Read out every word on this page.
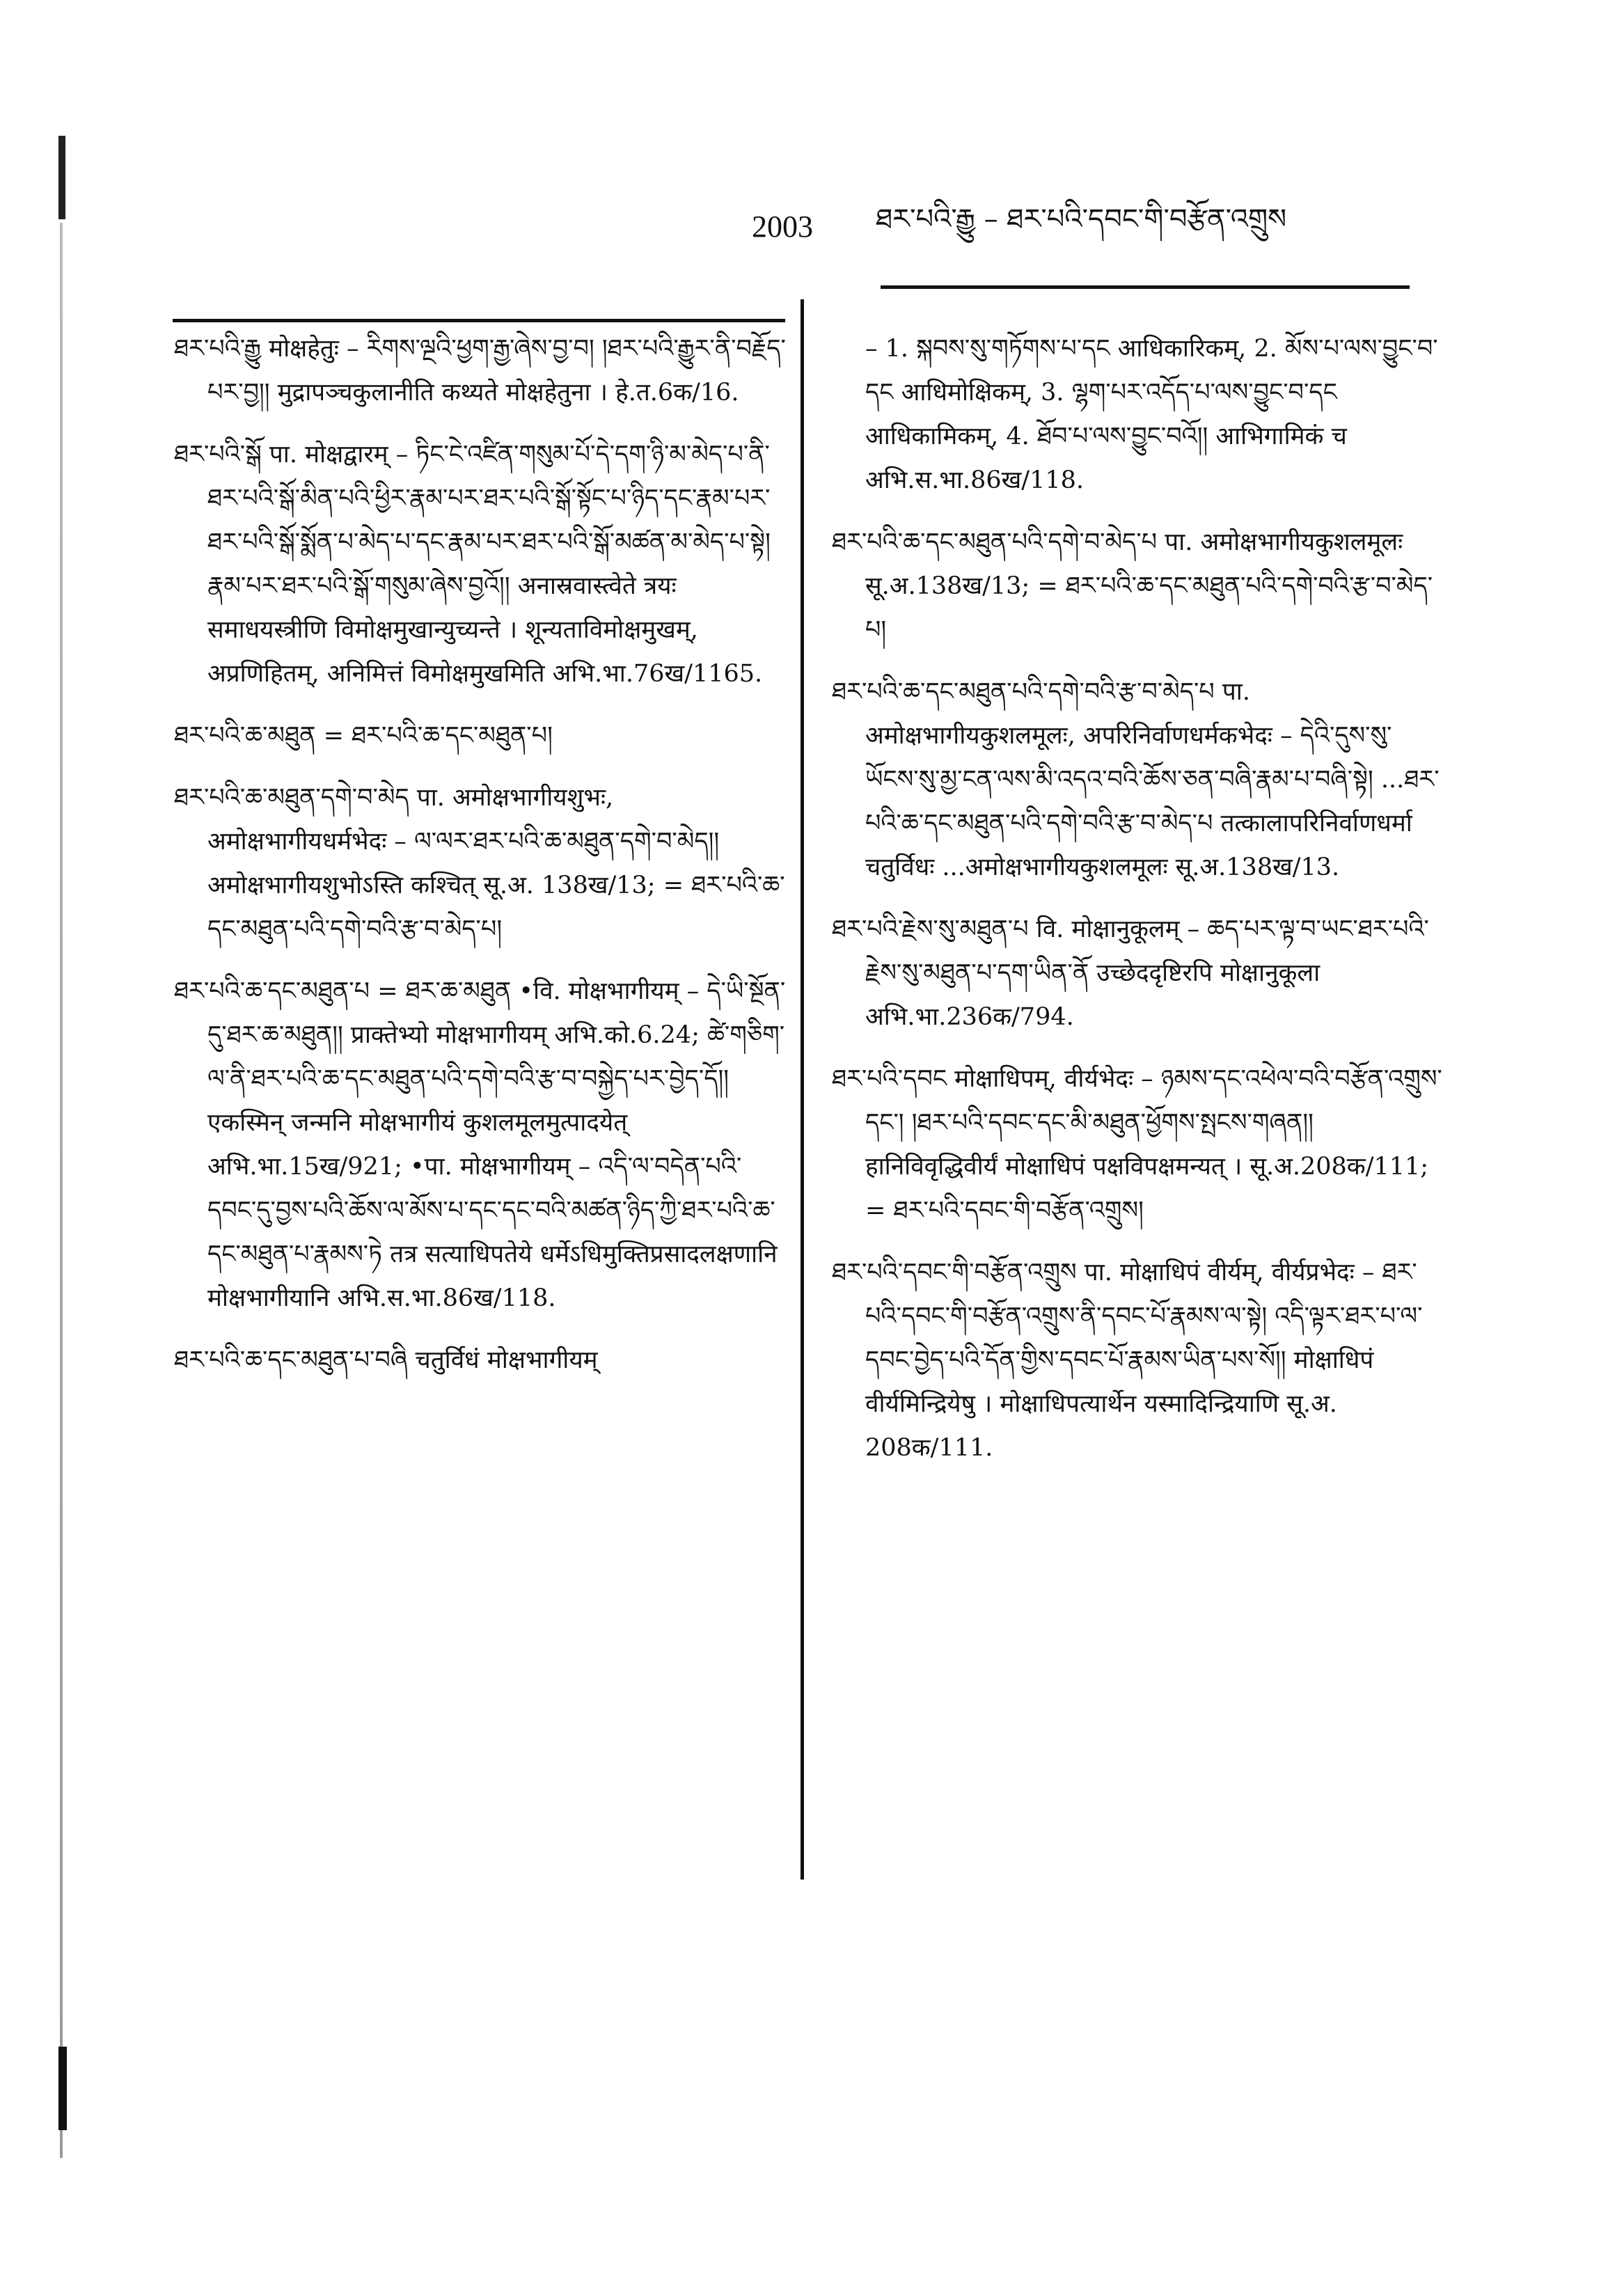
2003 ཐར་པའི་རྒྱུ – ཐར་པའི་དབང་གི་བརྩོན་འགྲུས

ཐར་པའི་རྒྱུ मोक्षहेतुः – རིགས་ལྔའི་ཕྱག་རྒྱ་ཞེས་བྱ་བ། །ཐར་པའི་རྒྱུར་ནི་བརྗོད་པར་བྱ།། मुद्रापञ्चकुलानीति कथ्यते मोक्षहेतुना । हे.त.6क/16.

ཐར་པའི་སྒོ पा. मोक्षद्वारम् – ཏིང་ངེ་འཛིན་གསུམ་པོ་དེ་དག་ཉི་མ་མེད་པ་ནི་ཐར་པའི་སྒོ་མིན་པའི་ཕྱིར་རྣམ་པར་ཐར་པའི་སྒོ་སྟོང་པ་ཉིད་དང་རྣམ་པར་ཐར་པའི་སྒོ་སྨོན་པ་མེད་པ་དང་རྣམ་པར་ཐར་པའི་སྒོ་མཚན་མ་མེད་པ་སྟེ། རྣམ་པར་ཐར་པའི་སྒོ་གསུམ་ཞེས་བྱའོ།། अनास्रवास्त्वेते त्रयः समाधयस्त्रीणि विमोक्षमुखान्युच्यन्ते । शून्यताविमोक्षमुखम्, अप्रणिहितम्, अनिमित्तं विमोक्षमुखमिति अभि.भा.76ख/1165.

ཐར་པའི་ཆ་མཐུན = ཐར་པའི་ཆ་དང་མཐུན་པ།

ཐར་པའི་ཆ་མཐུན་དགེ་བ་མེད पा. अमोक्षभागीयशुभः, अमोक्षभागीयधर्मभेदः – ལ་ལར་ཐར་པའི་ཆ་མཐུན་དགེ་བ་མེད།། अमोक्षभागीयशुभोऽस्ति कश्चित् सू.अ. 138ख/13; = ཐར་པའི་ཆ་དང་མཐུན་པའི་དགེ་བའི་རྩ་བ་མེད་པ།

ཐར་པའི་ཆ་དང་མཐུན་པ = ཐར་ཆ་མཐུན •वि. मोक्षभागीयम् – དེ་ཡི་སྔོན་དུ་ཐར་ཆ་མཐུན།། प्राक्तेभ्यो मोक्षभागीयम् अभि.को.6.24; ཚེ་གཅིག་ལ་ནི་ཐར་པའི་ཆ་དང་མཐུན་པའི་དགེ་བའི་རྩ་བ་བསྐྱེད་པར་བྱེད་དོ།། एकस्मिन् जन्मनि मोक्षभागीयं कुशलमूलमुत्पादयेत् अभि.भा.15ख/921; •पा. मोक्षभागीयम् – འདི་ལ་བདེན་པའི་དབང་དུ་བྱས་པའི་ཆོས་ལ་མོས་པ་དང་དང་བའི་མཚན་ཉིད་ཀྱི་ཐར་པའི་ཆ་དང་མཐུན་པ་རྣམས་ཏེ तत्र सत्याधिपतेये धर्मेऽधिमुक्तिप्रसादलक्षणानि मोक्षभागीयानि अभि.स.भा.86ख/118.

ཐར་པའི་ཆ་དང་མཐུན་པ་བཞི चतुर्विधं मोक्षभागीयम्

– 1. སྐབས་སུ་གཏོགས་པ་དང आधिकारिकम्, 2. མོས་པ་ལས་བྱུང་བ་དང आधिमोक्षिकम्, 3. ལྷག་པར་འདོད་པ་ལས་བྱུང་བ་དང आधिकामिकम्, 4. ཐོབ་པ་ལས་བྱུང་བའོ།། आभिगामिकं च अभि.स.भा.86ख/118.

ཐར་པའི་ཆ་དང་མཐུན་པའི་དགེ་བ་མེད་པ पा. अमोक्षभागीयकुशलमूलः सू.अ.138ख/13; = ཐར་པའི་ཆ་དང་མཐུན་པའི་དགེ་བའི་རྩ་བ་མེད་པ།

ཐར་པའི་ཆ་དང་མཐུན་པའི་དགེ་བའི་རྩ་བ་མེད་པ पा. अमोक्षभागीयकुशलमूलः, अपरिनिर्वाणधर्मकभेदः – དེའི་དུས་སུ་ཡོངས་སུ་མྱ་ངན་ལས་མི་འདའ་བའི་ཆོས་ཅན་བཞི་རྣམ་པ་བཞི་སྟེ། ...ཐར་པའི་ཆ་དང་མཐུན་པའི་དགེ་བའི་རྩ་བ་མེད་པ तत्कालापरिनिर्वाणधर्मा चतुर्विधः ...अमोक्षभागीयकुशलमूलः सू.अ.138ख/13.

ཐར་པའི་རྗེས་སུ་མཐུན་པ वि. मोक्षानुकूलम् – ཆད་པར་ལྟ་བ་ཡང་ཐར་པའི་རྗེས་སུ་མཐུན་པ་དག་ཡིན་ནོ उच्छेददृष्टिरपि मोक्षानुकूला अभि.भा.236क/794.

ཐར་པའི་དབང मोक्षाधिपम्, वीर्यभेदः – ཉམས་དང་འཕེལ་བའི་བརྩོན་འགྲུས་དང་། །ཐར་པའི་དབང་དང་མི་མཐུན་ཕྱོགས་སྤངས་གཞན།། हानिविवृद्धिवीर्यं मोक्षाधिपं पक्षविपक्षमन्यत् । सू.अ.208क/111; = ཐར་པའི་དབང་གི་བརྩོན་འགྲུས།

ཐར་པའི་དབང་གི་བརྩོན་འགྲུས पा. मोक्षाधिपं वीर्यम्, वीर्यप्रभेदः – ཐར་པའི་དབང་གི་བརྩོན་འགྲུས་ནི་དབང་པོ་རྣམས་ལ་སྟེ། འདི་ལྟར་ཐར་པ་ལ་དབང་བྱེད་པའི་དོན་གྱིས་དབང་པོ་རྣམས་ཡིན་པས་སོ།། मोक्षाधिपं वीर्यमिन्द्रियेषु । मोक्षाधिपत्यार्थेन यस्मादिन्द्रियाणि सू.अ. 208क/111.
